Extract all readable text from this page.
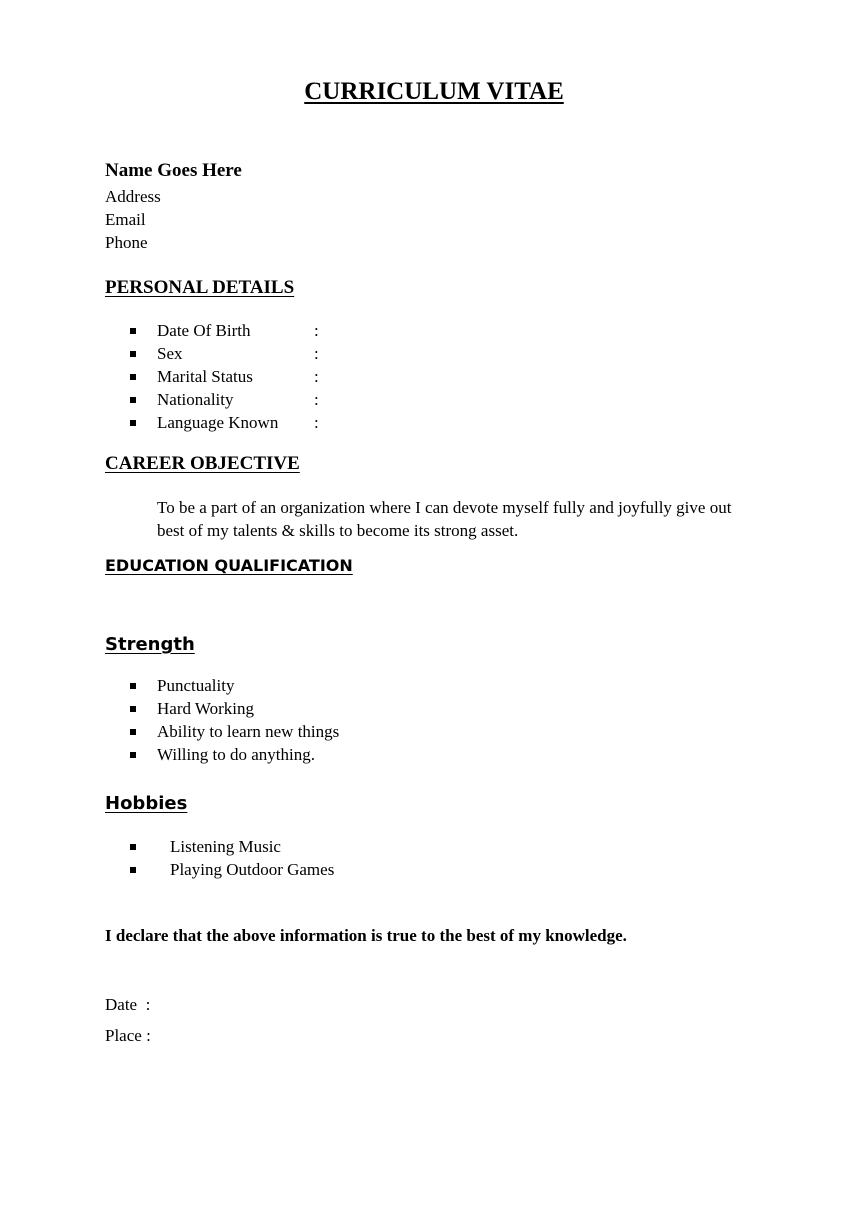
CURRICULUM VITAE
Name Goes Here
Address
Email
Phone
PERSONAL DETAILS
Date Of Birth	:
Sex	:
Marital Status	:
Nationality	:
Language Known :
CAREER OBJECTIVE
To be a part of an organization where I can devote myself fully and joyfully give out
best of my talents & skills to become its strong asset.
EDUCATION QUALIFICATION
Strength
Punctuality
Hard Working
Ability to learn new things
Willing to do anything.
Hobbies
Listening Music
Playing Outdoor Games
I declare that the above information is true to the best of my knowledge.
Date  :
Place :
